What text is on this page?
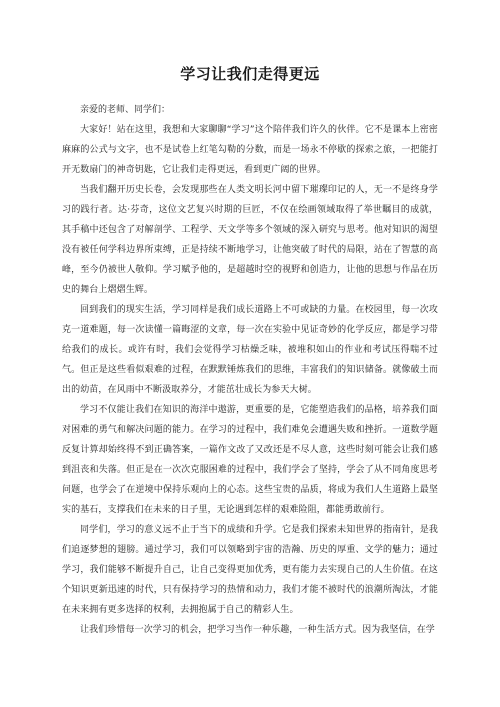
学习让我们走得更远

亲爱的老师、同学们：

大家好！站在这里，我想和大家聊聊“学习”这个陪伴我们许久的伙伴。它不是课本上密密麻麻的公式与文字，也不是试卷上红笔勾勒的分数，而是一场永不停歇的探索之旅，一把能打开无数扇门的神奇钥匙，它让我们走得更远，看到更广阔的世界。

当我们翻开历史长卷，会发现那些在人类文明长河中留下璀璨印记的人，无一不是终身学习的践行者。达·芬奇，这位文艺复兴时期的巨匠，不仅在绘画领域取得了举世瞩目的成就，其手稿中还包含了对解剖学、工程学、天文学等多个领域的深入研究与思考。他对知识的渴望没有被任何学科边界所束缚，正是持续不断地学习，让他突破了时代的局限，站在了智慧的高峰，至今仍被世人敬仰。学习赋予他的，是超越时空的视野和创造力，让他的思想与作品在历史的舞台上熠熠生辉。

回到我们的现实生活，学习同样是我们成长道路上不可或缺的力量。在校园里，每一次攻克一道难题，每一次读懂一篇晦涩的文章，每一次在实验中见证奇妙的化学反应，都是学习带给我们的成长。或许有时，我们会觉得学习枯燥乏味，被堆积如山的作业和考试压得喘不过气。但正是这些看似艰难的过程，在默默锤炼我们的思维，丰富我们的知识储备。就像破土而出的幼苗，在风雨中不断汲取养分，才能茁壮成长为参天大树。

学习不仅能让我们在知识的海洋中遨游，更重要的是，它能塑造我们的品格，培养我们面对困难的勇气和解决问题的能力。在学习的过程中，我们难免会遭遇失败和挫折。一道数学题反复计算却始终得不到正确答案，一篇作文改了又改还是不尽人意，这些时刻可能会让我们感到沮丧和失落。但正是在一次次克服困难的过程中，我们学会了坚持，学会了从不同角度思考问题，也学会了在逆境中保持乐观向上的心态。这些宝贵的品质，将成为我们人生道路上最坚实的基石，支撑我们在未来的日子里，无论遇到怎样的艰难险阻，都能勇敢前行。

同学们，学习的意义远不止于当下的成绩和升学。它是我们探索未知世界的指南针，是我们追逐梦想的翅膀。通过学习，我们可以领略到宇宙的浩瀚、历史的厚重、文学的魅力；通过学习，我们能够不断提升自己，让自己变得更加优秀，更有能力去实现自己的人生价值。在这个知识更新迅速的时代，只有保持学习的热情和动力，我们才能不被时代的浪潮所淘汰，才能在未来拥有更多选择的权利，去拥抱属于自己的精彩人生。

让我们珍惜每一次学习的机会，把学习当作一种乐趣，一种生活方式。因为我坚信，在学
